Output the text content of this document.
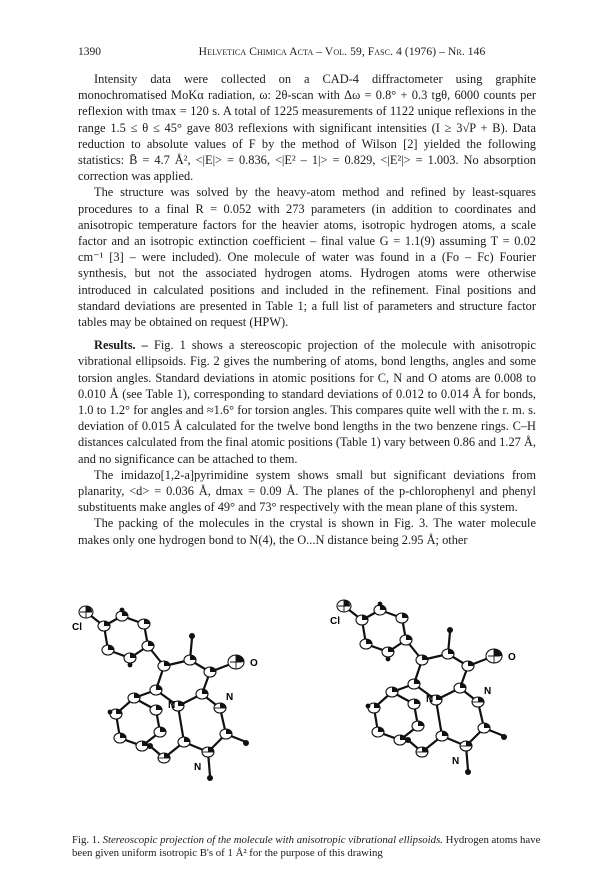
1390	Helvetica Chimica Acta – Vol. 59, Fasc. 4 (1976) – Nr. 146

Intensity data were collected on a CAD-4 diffractometer using graphite monochromatised MoKα radiation, ω: 2θ-scan with Δω = 0.8° + 0.3 tgθ, 6000 counts per reflexion with tmax = 120 s. A total of 1225 measurements of 1122 unique reflexions in the range 1.5 ≤ θ ≤ 45° gave 803 reflexions with significant intensities (I ≥ 3√P + B). Data reduction to absolute values of F by the method of Wilson [2] yielded the following statistics: B̄ = 4.7 Å², <|E|> = 0.836, <|E² – 1|> = 0.829, <|E²|> = 1.003. No absorption correction was applied.

The structure was solved by the heavy-atom method and refined by least-squares procedures to a final R = 0.052 with 273 parameters (in addition to coordinates and anisotropic temperature factors for the heavier atoms, isotropic hydrogen atoms, a scale factor and an isotropic extinction coefficient – final value G = 1.1(9) assuming T = 0.02 cm⁻¹ [3] – were included). One molecule of water was found in a (Fo – Fc) Fourier synthesis, but not the associated hydrogen atoms. Hydrogen atoms were otherwise introduced in calculated positions and included in the refinement. Final positions and standard deviations are presented in Table 1; a full list of parameters and structure factor tables may be obtained on request (HPW).

Results. – Fig. 1 shows a stereoscopic projection of the molecule with anisotropic vibrational ellipsoids. Fig. 2 gives the numbering of atoms, bond lengths, angles and some torsion angles. Standard deviations in atomic positions for C, N and O atoms are 0.008 to 0.010 Å (see Table 1), corresponding to standard deviations of 0.012 to 0.014 Å for bonds, 1.0 to 1.2° for angles and ≈1.6° for torsion angles. This compares quite well with the r. m. s. deviation of 0.015 Å calculated for the twelve bond lengths in the two benzene rings. C–H distances calculated from the final atomic positions (Table 1) vary between 0.86 and 1.27 Å, and no significance can be attached to them.

The imidazo[1,2-a]pyrimidine system shows small but significant deviations from planarity, <d> = 0.036 Å, dmax = 0.09 Å. The planes of the p-chlorophenyl and phenyl substituents make angles of 49° and 73° respectively with the mean plane of this system.

The packing of the molecules in the crystal is shown in Fig. 3. The water molecule makes only one hydrogen bond to N(4), the O...N distance being 2.95 Å; other

Cl
O
N
N
N
Cl
O
N
N
N
Fig. 1. Stereoscopic projection of the molecule with anisotropic vibrational ellipsoids. Hydrogen atoms have been given uniform isotropic B's of 1 Å² for the purpose of this drawing
